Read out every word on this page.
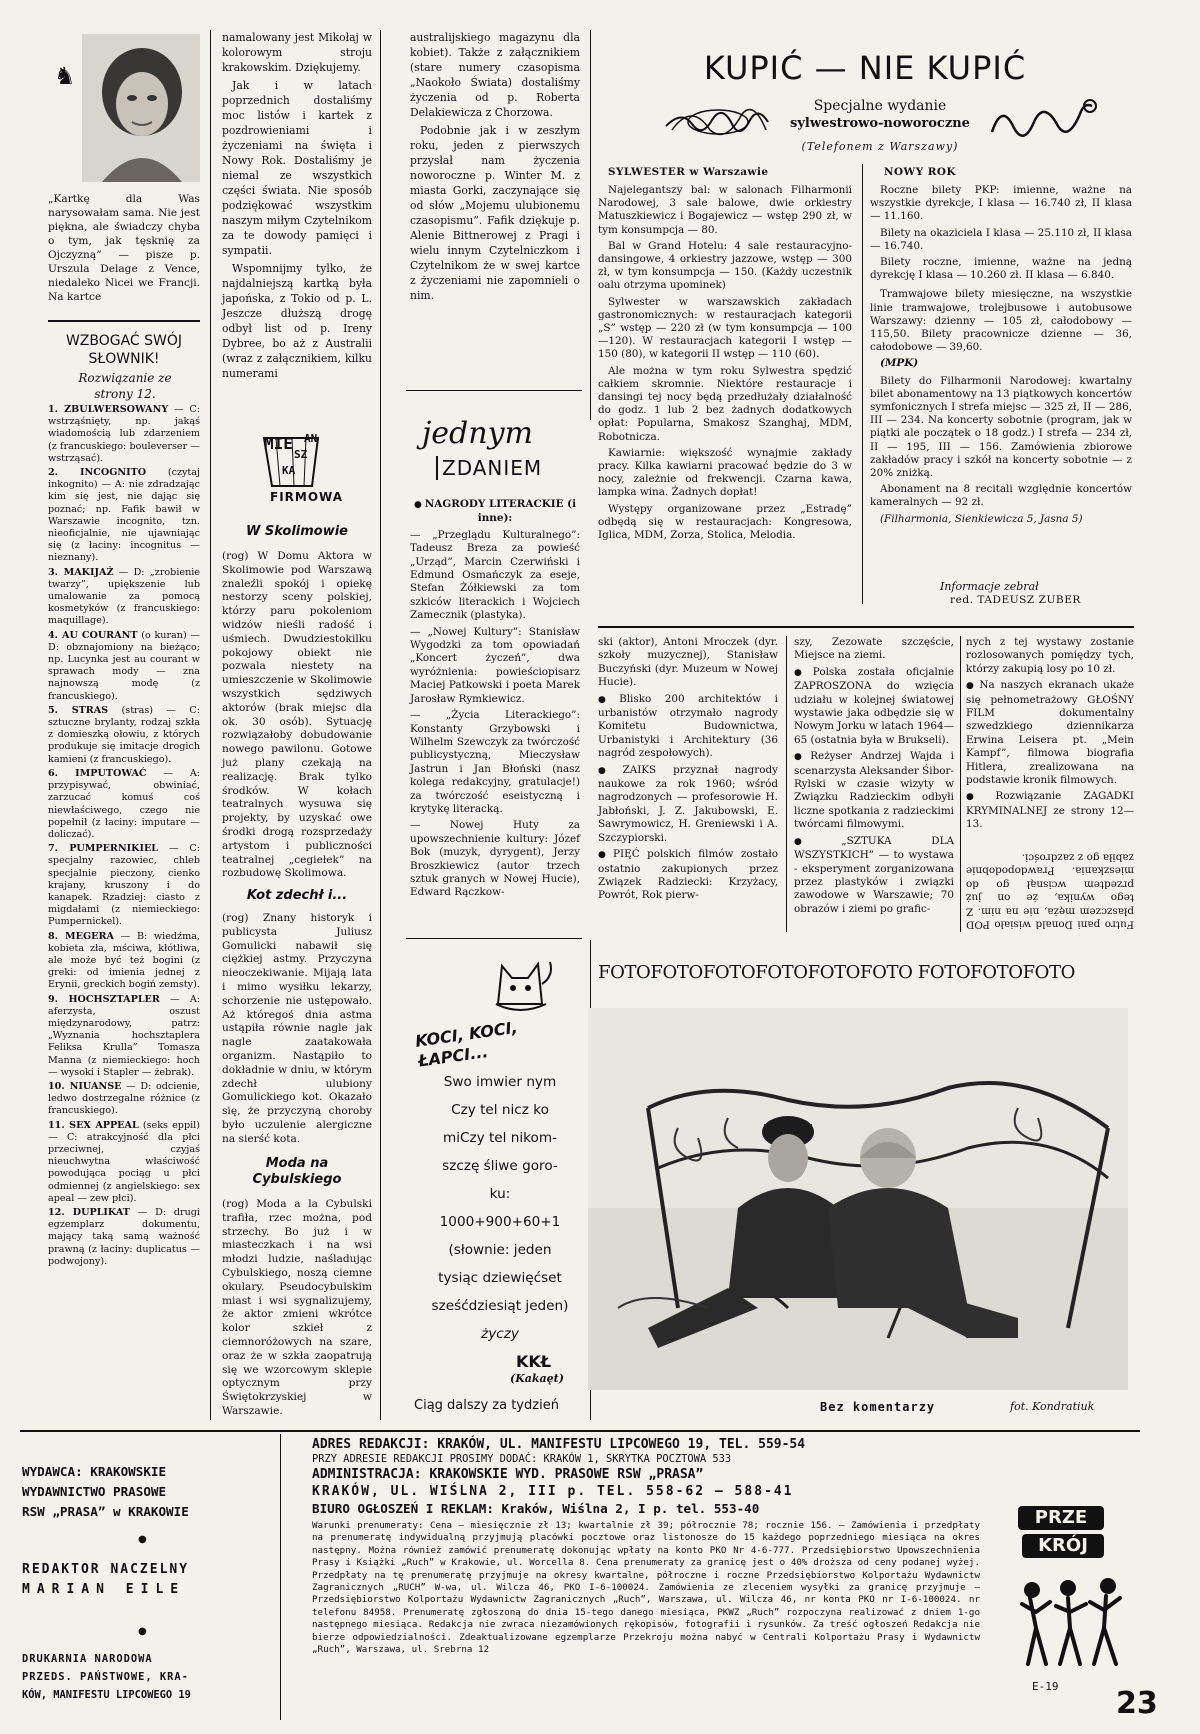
♞
„Kartkę dla Was narysowałam sama. Nie jest piękna, ale świadczy chyba o tym, jak tęsknię za Ojczyzną” — pisze p. Urszula Delage z Vence, niedaleko Nicei we Francji. Na kartce
WZBOGAĆ SWÓJ SŁOWNIK!
Rozwiązanie ze strony 12.
1. ZBULWERSOWANY — C: wstrząśnięty, np. jakąś wiadomością lub zdarzeniem (z francuskiego: bouleverser — wstrząsać).
2. INCOGNITO (czytaj inkognito) — A: nie zdradzając kim się jest, nie dając się poznać; np. Fafik bawił w Warszawie incognito, tzn. nieoficjalnie, nie ujawniając się (z łaciny: incognitus — nieznany).
3. MAKIJAŻ — D: „zrobienie twarzy”, upiększenie lub umalowanie za pomocą kosmetyków (z francuskiego: maquillage).
4. AU COURANT (o kuran) — D: obznajomiony na bieżąco; np. Lucynka jest au courant w sprawach mody — zna najnowszą modę (z francuskiego).
5. STRAS (stras) — C: sztuczne brylanty, rodzaj szkła z domieszką ołowiu, z których produkuje się imitacje drogich kamieni (z francuskiego).
6. IMPUTOWAĆ — A: przypisywać, obwiniać, zarzucać komuś coś niewłaściwego, czego nie popełnił (z łaciny: imputare — doliczać).
7. PUMPERNIKIEL — C: specjalny razowiec, chleb specjalnie pieczony, cienko krajany, kruszony i do kanapek. Rzadziej: ciasto z migdałami (z niemieckiego: Pumpernickel).
8. MEGERA — B: wiedźma, kobieta zła, mściwa, kłótliwa, ale może być też bogini (z greki: od imienia jednej z Erynii, greckich bogiń zemsty).
9. HOCHSZTAPLER — A: aferzysta, oszust międzynarodowy, patrz: „Wyznania hochsztaplera Feliksa Krulla” Tomasza Manna (z niemieckiego: hoch — wysoki i Stapler — żebrak).
10. NIUANSE — D: odcienie, ledwo dostrzegalne różnice (z francuskiego).
11. SEX APPEAL (seks eppil) — C: atrakcyjność dla płci przeciwnej, czyjaś nieuchwytna właściwość powodująca pociąg u płci odmiennej (z angielskiego: sex apeal — zew płci).
12. DUPLIKAT — D: drugi egzemplarz dokumentu, mający taką samą ważność prawną (z łaciny: duplicatus — podwojony).

namalowany jest Mikołaj w kolorowym stroju krakowskim. Dziękujemy.

Jak i w latach poprzednich dostaliśmy moc listów i kartek z pozdrowieniami i życzeniami na święta i Nowy Rok. Dostaliśmy je niemal ze wszystkich części świata. Nie sposób podziękować wszystkim naszym miłym Czytelnikom za te dowody pamięci i sympatii.

Wspomnijmy tylko, że najdalniejszą kartką była japońska, z Tokio od p. L. Jeszcze dłuższą drogę odbył list od p. Ireny Dybree, bo aż z Australii (wraz z załącznikiem, kilku numerami

MIE
SZ
AN
KA
FIRMOWA
W Skolimowie
(rog) W Domu Aktora w Skolimowie pod Warszawą znaleźli spokój i opiekę nestorzy sceny polskiej, którzy paru pokoleniom widzów nieśli radość i uśmiech. Dwudziestokilku pokojowy obiekt nie pozwala niestety na umieszczenie w Skolimowie wszystkich sędziwych aktorów (brak miejsc dla ok. 30 osób). Sytuację rozwiązałoby dobudowanie nowego pawilonu. Gotowe już plany czekają na realizację. Brak tylko środków. W kołach teatralnych wysuwa się projekty, by uzyskać owe środki drogą rozsprzedaży artystom i publiczności teatralnej „cegiełek” na rozbudowę Skolimowa.
Kot zdechł i...
(rog) Znany historyk i publicysta Juliusz Gomulicki nabawił się ciężkiej astmy. Przyczyna nieoczekiwanie. Mijają lata i mimo wysiłku lekarzy, schorzenie nie ustępowało. Aż któregoś dnia astma ustąpiła równie nagle jak nagle zaatakowała organizm. Nastąpiło to dokładnie w dniu, w którym zdechł ulubiony Gomulickiego kot. Okazało się, że przyczyną choroby było uczulenie alergiczne na sierść kota.
Moda na Cybulskiego
(rog) Moda a la Cybulski trafiła, rzec można, pod strzechy. Bo już i w miasteczkach i na wsi młodzi ludzie, naśladując Cybulskiego, noszą ciemne okulary. Pseudocybulskim miast i wsi sygnalizujemy, że aktor zmieni wkrótce kolor szkieł z ciemnoróżowych na szare, oraz że w szkła zaopatrują się we wzorcowym sklepie optycznym przy Świętokrzyskiej w Warszawie.

australijskiego magazynu dla kobiet). Także z załącznikiem (stare numery czasopisma „Naokoło Świata) dostaliśmy życzenia od p. Roberta Delakiewicza z Chorzowa.

Podobnie jak i w zeszłym roku, jeden z pierwszych przysłał nam życzenia noworoczne p. Winter M. z miasta Gorki, zaczynające się od słów „Mojemu ulubionemu czasopismu”. Fafik dziękuje p. Alenie Bittnerowej z Pragi i wielu innym Czytelniczkom i Czytelnikom że w swej kartce z życzeniami nie zapomnieli o nim.

jednym
ZDANIEM

● NAGRODY LITERACKIE (i inne):

— „Przeglądu Kulturalnego”: Tadeusz Breza za powieść „Urząd”, Marcin Czerwiński i Edmund Osmańczyk za eseje, Stefan Żółkiewski za tom szkiców literackich i Wojciech Zamecznik (plastyka).

— „Nowej Kultury”: Stanisław Wygodzki za tom opowiadań „Koncert życzeń”, dwa wyróżnienia: powieściopisarz Maciej Patkowski i poeta Marek Jarosław Rymkiewicz.

— „Życia Literackiego”: Konstanty Grzybowski i Wilhelm Szewczyk za twórczość publicystyczną, Mieczysław Jastrun i Jan Błoński (nasz kolega redakcyjny, gratulacje!) za twórczość eseistyczną i krytykę literacką.

— Nowej Huty za upowszechnienie kultury: Józef Bok (muzyk, dyrygent), Jerzy Broszkiewicz (autor trzech sztuk granych w Nowej Hucie), Edward Rączkow-

ski (aktor), Antoni Mroczek (dyr. szkoły muzycznej), Stanisław Buczyński (dyr. Muzeum w Nowej Hucie).

● Blisko 200 architektów i urbanistów otrzymało nagrody Komitetu Budownictwa, Urbanistyki i Architektury (36 nagród zespołowych).

● ZAIKS przyznał nagrody naukowe za rok 1960; wśród nagrodzonych — profesorowie H. Jabłoński, J. Z. Jakubowski, E. Sawrymowicz, H. Greniewski i A. Szczypiorski.

● PIĘĆ polskich filmów zostało ostatnio zakupionych przez Związek Radziecki: Krzyżacy, Powrót, Rok pierw-

szy, Zezowate szczęście, Miejsce na ziemi.

● Polska została oficjalnie ZAPROSZONA do wzięcia udziału w kolejnej światowej wystawie jaka odbędzie się w Nowym Jorku w latach 1964—65 (ostatnia była w Brukseli).

● Reżyser Andrzej Wajda i scenarzysta Aleksander Śibor-Rylski w czasie wizyty w Związku Radzieckim odbyłi liczne spotkania z radzieckimi twórcami filmowymi.

● „SZTUKA DLA WSZYSTKICH” — to wystawa - eksperyment zorganizowana przez plastyków i związki zawodowe w Warszawie; 70 obrazów i ziemi po grafic-

nych z tej wystawy zostanie rozlosowanych pomiędzy tych, którzy zakupią losy po 10 zł.

● Na naszych ekranach ukaże się pełnometrażowy GŁOŚNY FILM dokumentalny szwedzkiego dziennikarza Erwina Leisera pt. „Mein Kampf”, filmowa biografia Hitlera, zrealizowana na podstawie kronik filmowych.

● Rozwiązanie ZAGADKI KRYMINALNEJ ze strony 12—13.

Futro pani Donald wisiało POD płaszczem męża, nie na nim. Z tego wynika, że on już przedtem wcisnął go do mieszkania. Prawdopodobnie zabiła go z zazdrości.
KUPIĆ — NIE KUPIĆ
Specjalne wydanie
sylwestrowo-noworoczne
(Telefonem z Warszawy)
SYLWESTER w Warszawie

Najelegantszy bal: w salonach Filharmonii Narodowej, 3 sale balowe, dwie orkiestry Matuszkiewicz i Bogajewicz — wstęp 290 zł, w tym konsumpcja — 80.

Bal w Grand Hotelu: 4 sale restauracyjno-dansingowe, 4 orkiestry jazzowe, wstęp — 300 zł, w tym konsumpcja — 150. (Każdy uczestnik oalu otrzyma upominek)

Sylwester w warszawskich zakładach gastronomicznych: w restauracjach kategorii „S” wstęp — 220 zł (w tym konsumpcja — 100—120). W restauracjach kategorii I wstęp — 150 (80), w kategorii II wstęp — 110 (60).

Ale można w tym roku Sylwestra spędzić całkiem skromnie. Niektóre restauracje i dansingi tej nocy będą przedłużały działalność do godz. 1 lub 2 bez żadnych dodatkowych opłat: Popularna, Smakosz Szanghaj, MDM, Robotnicza.

Kawiarnie: większość wynajmie zakłady pracy. Kilka kawiarni pracować będzie do 3 w nocy, zależnie od frekwencji. Czarna kawa, lampka wina. Żadnych dopłat!

Występy organizowane przez „Estradę” odbędą się w restauracjach: Kongresowa, Iglica, MDM, Zorza, Stolica, Melodia.

NOWY ROK

Roczne bilety PKP: imienne, ważne na wszystkie dyrekcje, I klasa — 16.740 zł, II klasa — 11.160.

Bilety na okaziciela I klasa — 25.110 zł, II klasa — 16.740.

Bilety roczne, imienne, ważne na jedną dyrekcję I klasa — 10.260 zł. II klasa — 6.840.

Tramwajowe bilety miesięczne, na wszystkie linie tramwajowe, trolejbusowe i autobusowe Warszawy: dzienny — 105 zł, całodobowy — 115,50. Bilety pracownicze dzienne — 36, całodobowe — 39,60.

(MPK)

Bilety do Filharmonii Narodowej: kwartalny bilet abonamentowy na 13 piątkowych koncertów symfonicznych I strefa miejsc — 325 zł, II — 286, III — 234. Na koncerty sobotnie (program, jak w piątki ale początek o 18 godz.) I strefa — 234 zł, II — 195, III — 156. Zamówienia zbiorowe zakładów pracy i szkół na koncerty sobotnie — z 20% zniżką.

Abonament na 8 recitali względnie koncertów kameralnych — 92 zł.

(Filharmonia, Sienkiewicza 5, Jasna 5)

Informacje zebrał
red. TADEUSZ ZUBER
KOCI, KOCI, ŁAPCI...
Swo imwier nym
Czy tel nicz ko
miCzy tel nikom-
szczę śliwe goro-
ku:
1000+900+60+1
(słownie: jeden
tysiąc dziewięćset
sześćdziesiąt jeden)
życzy
KKŁ
(Kakaęt)
Ciąg dalszy za tydzień
FOTOFOTOFOTOFOTOFOTOFOTO FOTOFOTOFOTO
Bez komentarzy	fot. Kondratiuk
WYDAWCA: KRAKOWSKIE
WYDAWNICTWO PRASOWE
RSW „PRASA” w KRAKOWIE
●
REDAKTOR NACZELNY
MARIAN EILE
●
DRUKARNIA NARODOWA
PRZEDS. PAŃSTWOWE, KRA-
KÓW, MANIFESTU LIPCOWEGO 19
ADRES REDAKCJI: KRAKÓW, UL. MANIFESTU LIPCOWEGO 19, TEL. 559-54
PRZY ADRESIE REDAKCJI PROSIMY DODAĆ: KRAKÓW 1, SKRYTKA POCZTOWA 533
ADMINISTRACJA: KRAKOWSKIE WYD. PRASOWE RSW „PRASA”
KRAKÓW, UL. WIŚLNA 2, III p. TEL. 558-62 — 588-41
BIURO OGŁOSZEŃ I REKLAM: Kraków, Wiślna 2, I p. tel. 553-40
Warunki prenumeraty: Cena — miesięcznie zł 13; kwartalnie zł 39; półrocznie 78; rocznie 156. — Zamówienia i przedpłaty na prenumeratę indywidualną przyjmują placówki pocztowe oraz listonosze do 15 każdego poprzedniego miesiąca na okres następny. Można również zamówić prenumeratę dokonując wpłaty na konto PKO Nr 4-6-777. Przedsiębiorstwo Upowszechnienia Prasy i Książki „Ruch” w Krakowie, ul. Worcella 8. Cena prenumeraty za granicę jest o 40% droższa od ceny podanej wyżej. Przedpłaty na tę prenumeratę przyjmuje na okresy kwartalne, półroczne i roczne Przedsiębiorstwo Kolportażu Wydawnictw Zagranicznych „RUCH” W-wa, ul. Wilcza 46, PKO I-6-100024. Zamówienia ze zleceniem wysyłki za granicę przyjmuje — Przedsiębiorstwo Kolportażu Wydawnictw Zagranicznych „Ruch”, Warszawa, ul. Wilcza 46, nr konta PKO nr I-6-100024. nr telefonu 84958. Prenumeratę zgłoszoną do dnia 15-tego danego miesiąca, PKWZ „Ruch” rozpoczyna realizować z dniem 1-go następnego miesiąca. Redakcja nie zwraca niezamówionych rękopisów, fotografii i rysunków. Za treść ogłoszeń Redakcja nie bierze odpowiedzialności. Zdeaktualizowane egzemplarze Przekroju można nabyć w Centrali Kolportażu Prasy i Wydawnictw „Ruch”, Warszawa, ul. Srebrna 12
PRZE
KRÓJ
E-19	23
